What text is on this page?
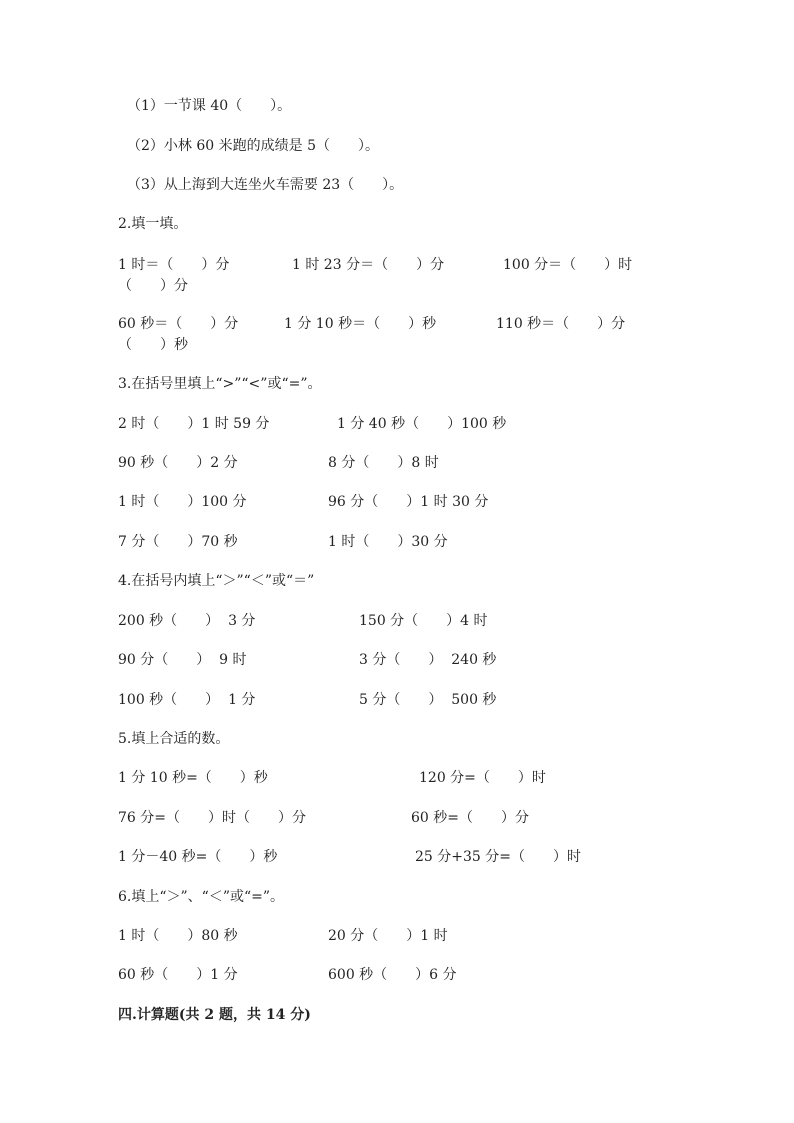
（1）一节课 40（　　）。
（2）小林 60 米跑的成绩是 5（　　）。
（3）从上海到大连坐火车需要 23（　　）。
2.填一填。
1 时＝（　　）分	1 时 23 分＝（　　）分	100 分＝（　　）时
（　　）分
60 秒＝（　　）分	1 分 10 秒＝（　　）秒	110 秒＝（　　）分
（　　）秒
3.在括号里填上“>”“<”或“=”。
2 时（　　）1 时 59 分	1 分 40 秒（　　）100 秒
90 秒（　　）2 分	8 分（　　）8 时
1 时（　　）100 分	96 分（　　）1 时 30 分
7 分（　　）70 秒	1 时（　　）30 分
4.在括号内填上“＞”“＜”或“＝”
200 秒（　　）  3 分	150 分（　　）4 时
90 分（　　）  9 时	3 分（　　）  240 秒
100 秒（　　）  1 分	5 分（　　）  500 秒
5.填上合适的数。
1 分 10 秒=（　　）秒	120 分=（　　）时
76 分=（　　）时（　　）分	60 秒=（　　）分
1 分－40 秒=（　　）秒	25 分+35 分=（　　）时
6.填上“＞”、“＜”或“=”。
1 时（　　）80 秒	20 分（　　）1 时
60 秒（　　）1 分	600 秒（　　）6 分
四.计算题(共 2 题，共 14 分)
